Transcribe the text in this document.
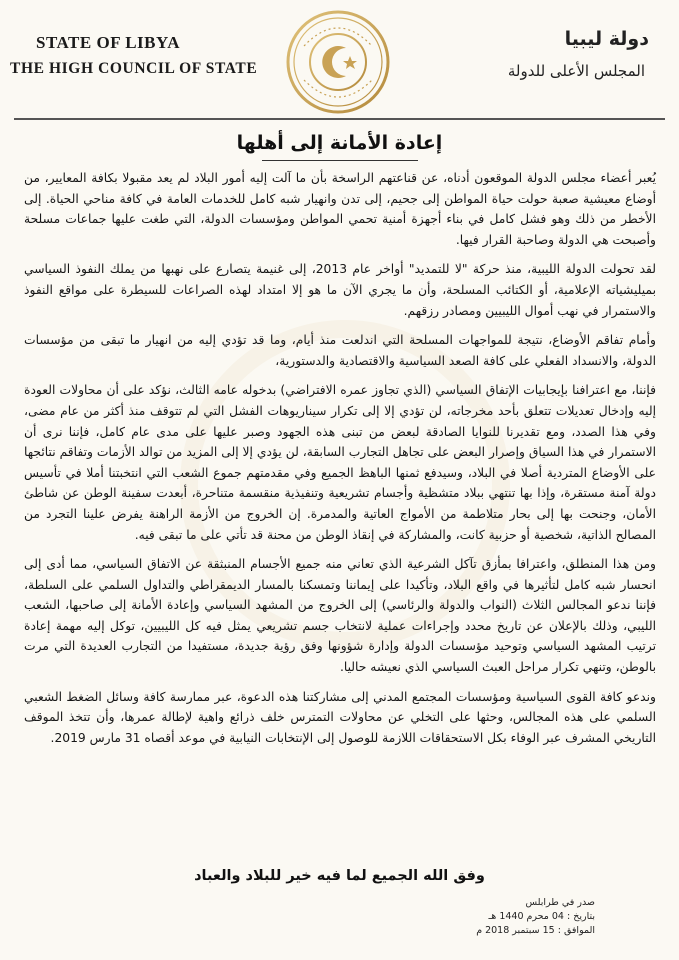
STATE OF LIBYA
THE HIGH COUNCIL OF STATE
دولة ليبيا
المجلس الأعلى للدولة
إعادة الأمانة إلى أهلها

يُعبر أعضاء مجلس الدولة الموقعون أدناه، عن قناعتهم الراسخة بأن ما آلت إليه أمور البلاد لم يعد مقبولا بكافة المعايير، من أوضاع معيشية صعبة حولت حياة المواطن إلى جحيم، إلى تدن وانهيار شبه كامل للخدمات العامة في كافة مناحي الحياة. إلى الأخطر من ذلك وهو فشل كامل في بناء أجهزة أمنية تحمي المواطن ومؤسسات الدولة، التي طغت عليها جماعات مسلحة وأصبحت هي الدولة وصاحبة القرار فيها.

لقد تحولت الدولة الليبية، منذ حركة "لا للتمديد" أواخر عام 2013، إلى غنيمة يتصارع على نهبها من يملك النفوذ السياسي بميليشياته الإعلامية، أو الكتائب المسلحة، وأن ما يجري الآن ما هو إلا امتداد لهذه الصراعات للسيطرة على مواقع النفوذ والاستمرار في نهب أموال الليبيين ومصادر رزقهم.

وأمام تفاقم الأوضاع، نتيجة للمواجهات المسلحة التي اندلعت منذ أيام، وما قد تؤدي إليه من انهيار ما تبقى من مؤسسات الدولة، والانسداد الفعلي على كافة الصعد السياسية والاقتصادية والدستورية،

فإننا، مع اعترافنا بإيجابيات الإتفاق السياسي (الذي تجاوز عمره الافتراضي) بدخوله عامه الثالث، نؤكد على أن محاولات العودة إليه وإدخال تعديلات تتعلق بأحد مخرجاته، لن تؤدي إلا إلى تكرار سيناريوهات الفشل التي لم تتوقف منذ أكثر من عام مضى، وفي هذا الصدد، ومع تقديرنا للنوايا الصادقة لبعض من تبنى هذه الجهود وصبر عليها على مدى عام كامل، فإننا نرى أن الاستمرار في هذا السياق وإصرار البعض على تجاهل التجارب السابقة، لن يؤدي إلا إلى المزيد من توالد الأزمات وتفاقم نتائجها على الأوضاع المتردية أصلا في البلاد، وسيدفع ثمنها الباهظ الجميع وفي مقدمتهم جموع الشعب التي انتخبتنا أملا في تأسيس دولة آمنة مستقرة، وإذا بها تنتهي ببلاد متشظية وأجسام تشريعية وتنفيذية منقسمة متناحرة، أبعدت سفينة الوطن عن شاطئ الأمان، وجنحت بها إلى بحار متلاطمة من الأمواج العاتية والمدمرة. إن الخروج من الأزمة الراهنة يفرض علينا التجرد من المصالح الذاتية، شخصية أو حزبية كانت، والمشاركة في إنقاذ الوطن من محنة قد تأتي على ما تبقى فيه.

ومن هذا المنطلق، واعترافا بمأزق تآكل الشرعية الذي تعاني منه جميع الأجسام المنبثقة عن الاتفاق السياسي، مما أدى إلى انحسار شبه كامل لتأثيرها في واقع البلاد، وتأكيدا على إيماننا وتمسكنا بالمسار الديمقراطي والتداول السلمي على السلطة، فإننا ندعو المجالس الثلاث (النواب والدولة والرئاسي) إلى الخروج من المشهد السياسي وإعادة الأمانة إلى صاحبها، الشعب الليبي، وذلك بالإعلان عن تاريخ محدد وإجراءات عملية لانتخاب جسم تشريعي يمثل فيه كل الليبيين، توكل إليه مهمة إعادة ترتيب المشهد السياسي وتوحيد مؤسسات الدولة وإدارة شؤونها وفق رؤية جديدة، مستفيدا من التجارب العديدة التي مرت بالوطن، وتنهي تكرار مراحل العبث السياسي الذي نعيشه حاليا.

وندعو كافة القوى السياسية ومؤسسات المجتمع المدني إلى مشاركتنا هذه الدعوة، عبر ممارسة كافة وسائل الضغط الشعبي السلمي على هذه المجالس، وحثها على التخلي عن محاولات التمترس خلف ذرائع واهية لإطالة عمرها، وأن تتخذ الموقف التاريخي المشرف عبر الوفاء بكل الاستحقاقات اللازمة للوصول إلى الإنتخابات النيابية في موعد أقصاه 31 مارس 2019.

وفق الله الجميع لما فيه خير للبلاد والعباد
صدر في طرابلس
بتاريخ : 04 محرم 1440 هـ
الموافق : 15 سبتمبر 2018 م
